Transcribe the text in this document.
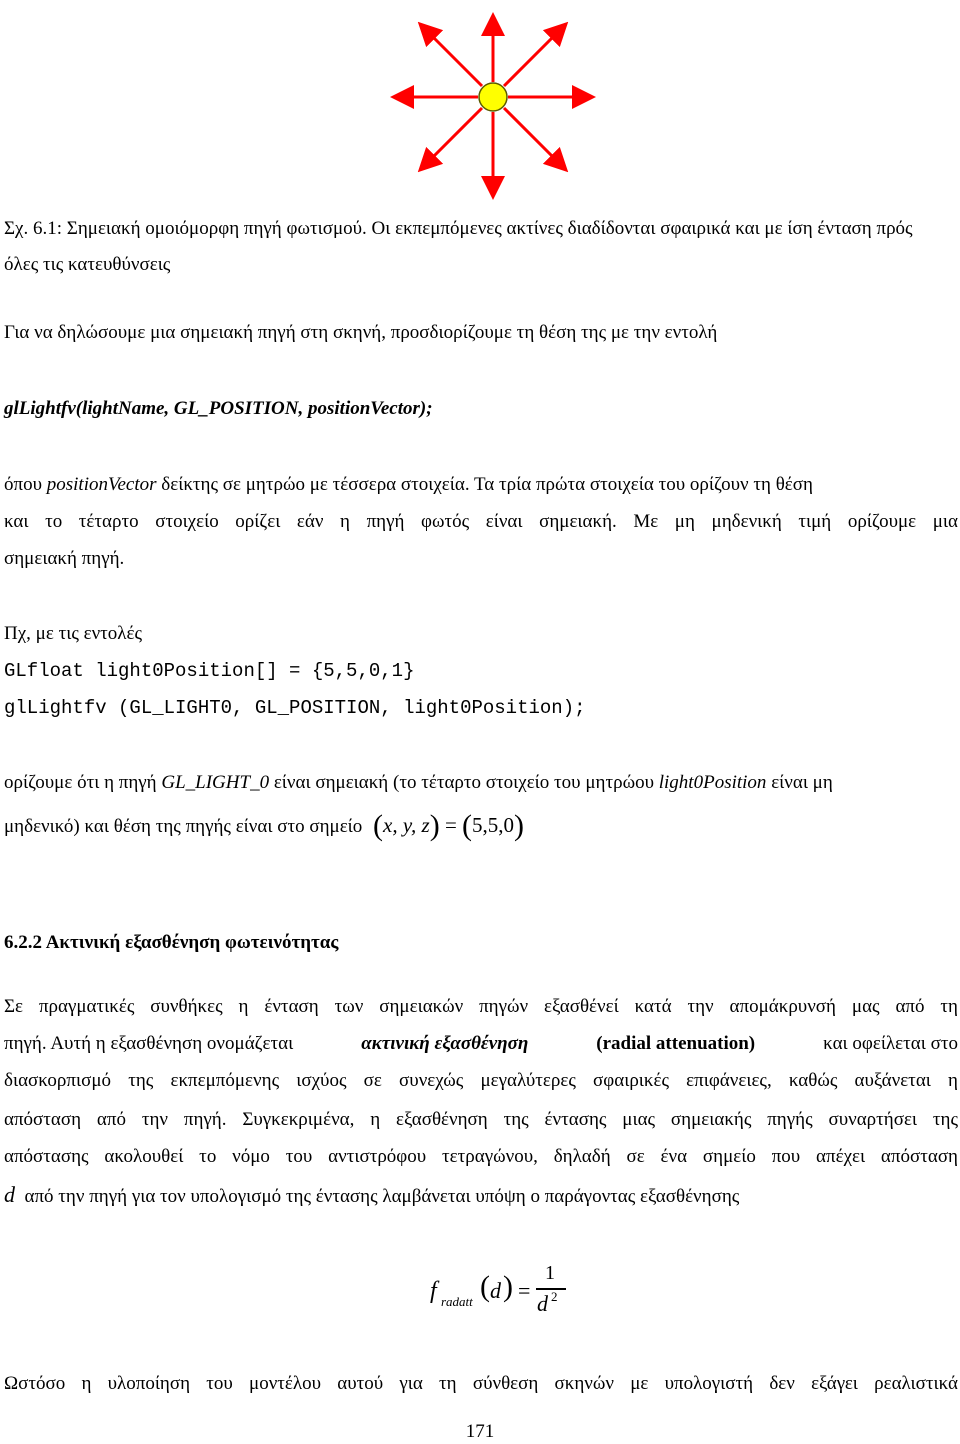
Σχ. 6.1: Σημειακή ομοιόμορφη πηγή φωτισμού. Οι εκπεμπόμενες ακτίνες διαδίδονται σφαιρικά και με ίση ένταση πρός
όλες τις κατευθύνσεις
Για να δηλώσουμε μια σημειακή πηγή στη σκηνή, προσδιορίζουμε τη θέση της με την εντολή
glLightfv(lightName, GL_POSITION, positionVector);
όπου positionVector δείκτης σε μητρώο με τέσσερα στοιχεία. Τα τρία πρώτα στοιχεία του ορίζουν τη θέση
και το τέταρτο στοιχείο ορίζει εάν η πηγή φωτός είναι σημειακή. Με μη μηδενική τιμή ορίζουμε μια
σημειακή πηγή.
Πχ, με τις εντολές
GLfloat light0Position[] = {5,5,0,1}
glLightfv (GL_LIGHT0, GL_POSITION, light0Position);
ορίζουμε ότι η πηγή GL_LIGHT_0 είναι σημειακή (το τέταρτο στοιχείο του μητρώου light0Position είναι μη
μηδενικό) και θέση της πηγής είναι στο σημείο (x, y, z) = (5,5,0)
6.2.2 Ακτινική εξασθένηση φωτεινότητας
Σε πραγματικές συνθήκες η ένταση των σημειακών πηγών εξασθένεί κατά την απομάκρυνσή μας από τη
πηγή. Αυτή η εξασθένηση ονομάζεται	ακτινική εξασθένηση	(radial attenuation)	και οφείλεται στο
διασκορπισμό της εκπεμπόμενης ισχύος σε συνεχώς μεγαλύτερες σφαιρικές επιφάνειες, καθώς αυξάνεται η
απόσταση από την πηγή. Συγκεκριμένα, η εξασθένηση της έντασης μιας σημειακής πηγής συναρτήσει της
απόστασης ακολουθεί το νόμο του αντιστρόφου τετραγώνου, δηλαδή σε ένα σημείο που απέχει απόσταση
d  από την πηγή για τον υπολογισμό της έντασης λαμβάνεται υπόψη ο παράγοντας εξασθένησης
f radatt ( d ) =
1
d 2
Ωστόσο η υλοποίηση του μοντέλου αυτού για τη σύνθεση σκηνών με υπολογιστή δεν εξάγει ρεαλιστικά
171
